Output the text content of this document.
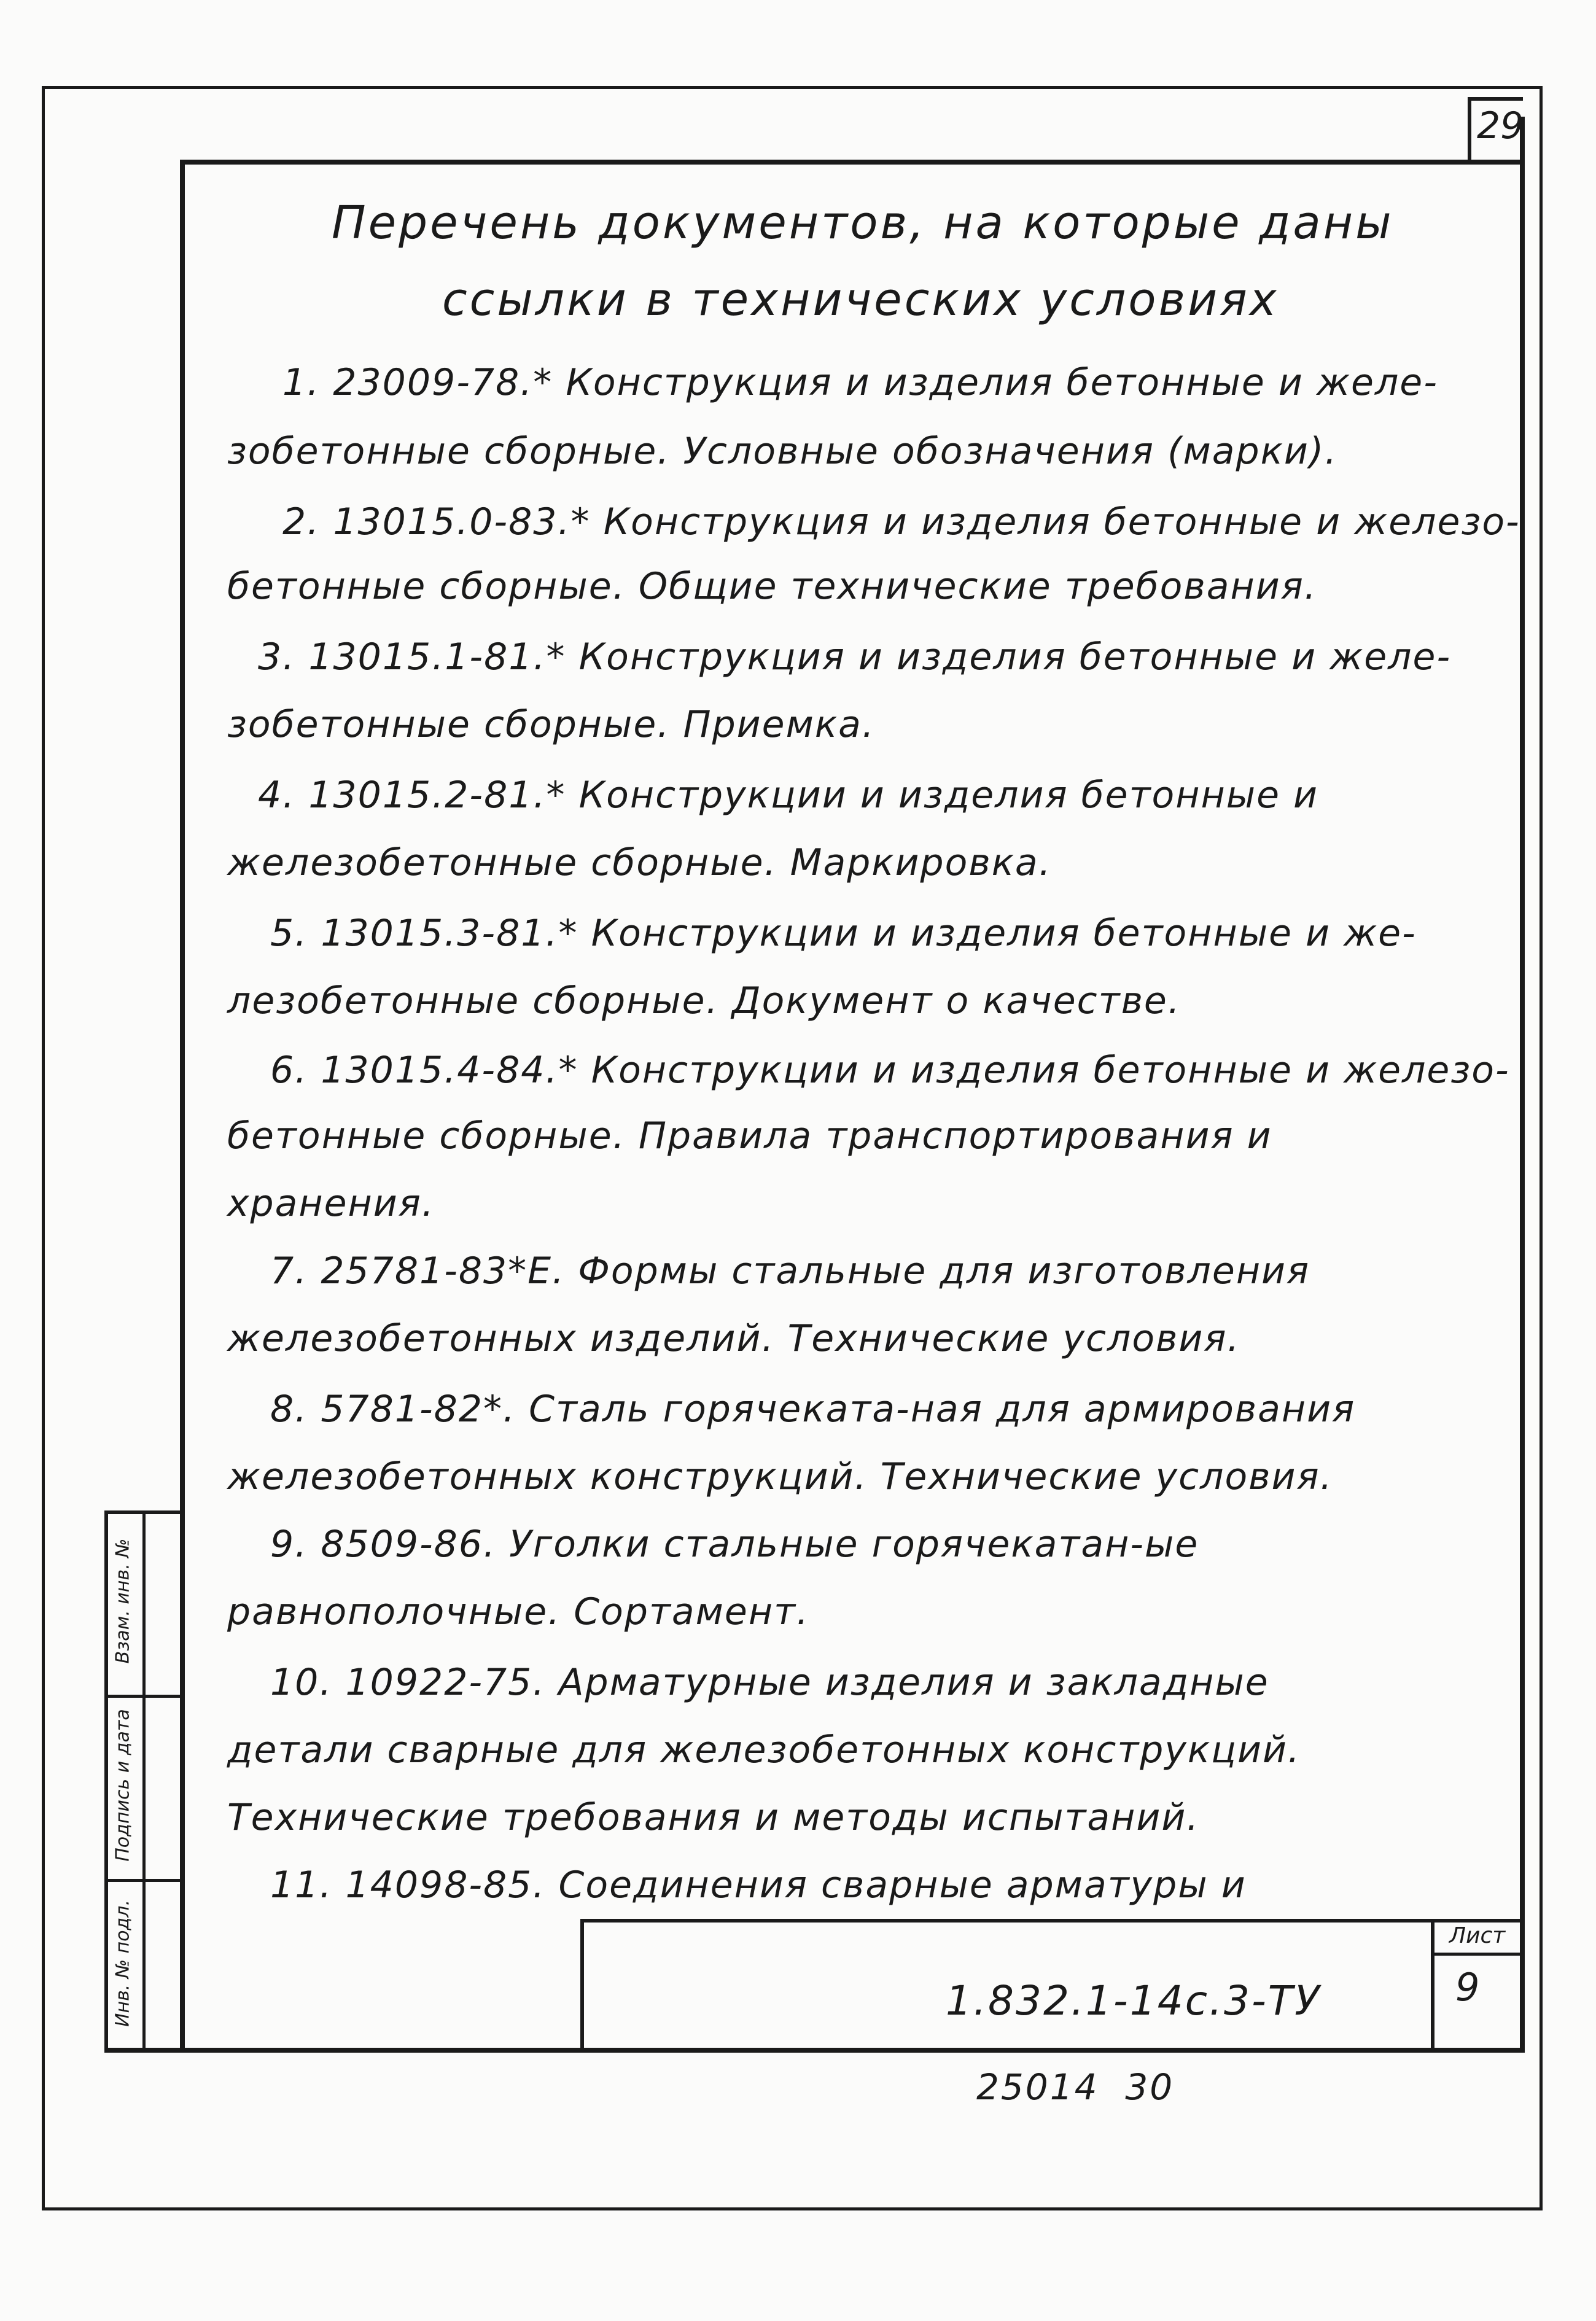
29
Инв. № подл.
Подпись и дата
Взам. инв. №
Перечень документов, на которые даны
ссылки в технических условиях
1. 23009-78.* Конструкция и изделия бетонные и желе-
зобетонные сборные. Условные обозначения (марки).
2. 13015.0-83.* Конструкция и изделия бетонные и железо-
бетонные сборные. Общие технические требования.
3. 13015.1-81.* Конструкция и изделия бетонные и желе-
зобетонные сборные. Приемка.
4. 13015.2-81.* Конструкции и изделия бетонные и
железобетонные сборные. Маркировка.
5. 13015.3-81.* Конструкции и изделия бетонные и же-
лезобетонные сборные. Документ о качестве.
6. 13015.4-84.* Конструкции и изделия бетонные и железо-
бетонные сборные. Правила транспортирования и
хранения.
7. 25781-83*Е. Формы стальные для изготовления
железобетонных изделий. Технические условия.
8. 5781-82*. Сталь горячеката-ная для армирования
железобетонных конструкций. Технические условия.
9. 8509-86. Уголки стальные горячекатан-ые
равнополочные. Сортамент.
10. 10922-75. Арматурные изделия и закладные
детали сварные для железобетонных конструкций.
Технические требования и методы испытаний.
11. 14098-85. Соединения сварные арматуры и
Лист
9
1.832.1-14с.3-ТУ
25014  30
